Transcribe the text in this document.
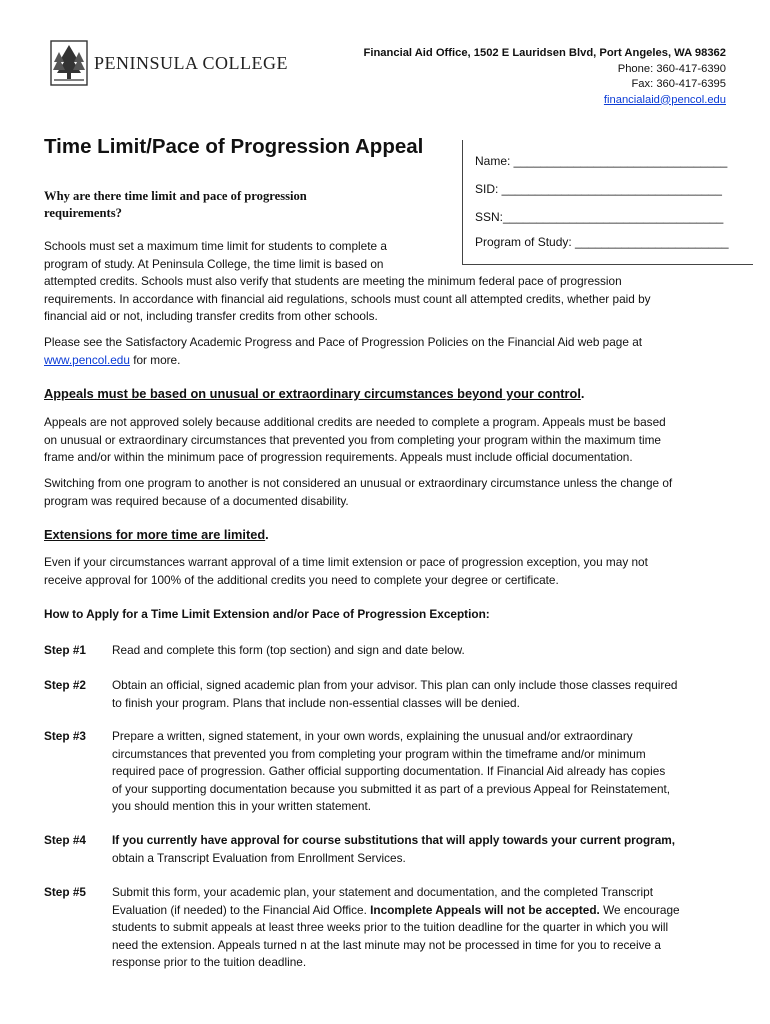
PENINSULA COLLEGE	Financial Aid Office, 1502 E Lauridsen Blvd, Port Angeles, WA 98362
Phone: 360-417-6390
Fax: 360-417-6395
financialaid@pencol.edu
Time Limit/Pace of Progression Appeal
Name: ________________________________
SID: _________________________________
SSN:_________________________________
Program of Study: _______________________
Why are there time limit and pace of progression
requirements?
Schools must set a maximum time limit for students to complete a
program of study. At Peninsula College, the time limit is based on
attempted credits. Schools must also verify that students are meeting the minimum federal pace of progression
requirements. In accordance with financial aid regulations, schools must count all attempted credits, whether paid by
financial aid or not, including transfer credits from other schools.
Please see the Satisfactory Academic Progress and Pace of Progression Policies on the Financial Aid web page at
www.pencol.edu for more.
Appeals must be based on unusual or extraordinary circumstances beyond your control.
Appeals are not approved solely because additional credits are needed to complete a program. Appeals must be based
on unusual or extraordinary circumstances that prevented you from completing your program within the maximum time
frame and/or within the minimum pace of progression requirements. Appeals must include official documentation.
Switching from one program to another is not considered an unusual or extraordinary circumstance unless the change of
program was required because of a documented disability.
Extensions for more time are limited.
Even if your circumstances warrant approval of a time limit extension or pace of progression exception, you may not
receive approval for 100% of the additional credits you need to complete your degree or certificate.
How to Apply for a Time Limit Extension and/or Pace of Progression Exception:
Step #1 Read and complete this form (top section) and sign and date below.
Step #2 Obtain an official, signed academic plan from your advisor. This plan can only include those classes required
to finish your program. Plans that include non-essential classes will be denied.
Step #3 Prepare a written, signed statement, in your own words, explaining the unusual and/or extraordinary
circumstances that prevented you from completing your program within the timeframe and/or minimum
required pace of progression. Gather official supporting documentation. If Financial Aid already has copies
of your supporting documentation because you submitted it as part of a previous Appeal for Reinstatement,
you should mention this in your written statement.
Step #4 If you currently have approval for course substitutions that will apply towards your current program,
obtain a Transcript Evaluation from Enrollment Services.
Step #5 Submit this form, your academic plan, your statement and documentation, and the completed Transcript
Evaluation (if needed) to the Financial Aid Office. Incomplete Appeals will not be accepted. We encourage
students to submit appeals at least three weeks prior to the tuition deadline for the quarter in which you will
need the extension. Appeals turned n at the last minute may not be processed in time for you to receive a
response prior to the tuition deadline.
